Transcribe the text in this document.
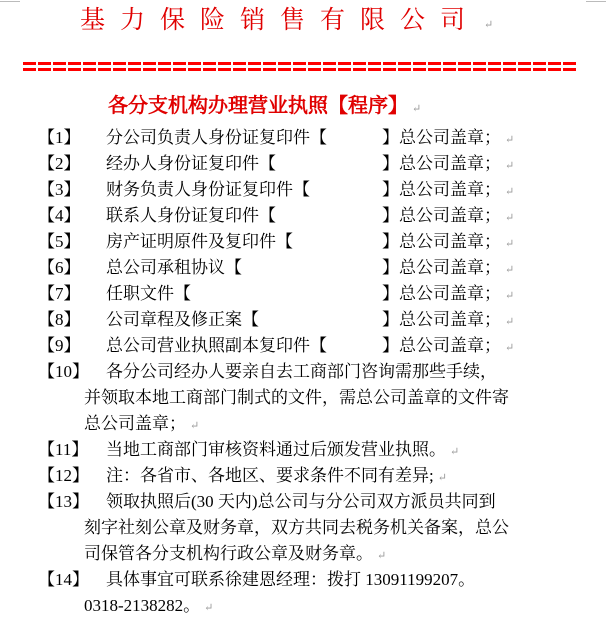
基力保险销售有限公司 ↵
各分支机构办理营业执照【程序】 ↵
【1】 分公司负责人身份证复印件【	】总公司盖章； ↵
【2】 经办人身份证复印件【	】总公司盖章； ↵
【3】 财务负责人身份证复印件【	】总公司盖章； ↵
【4】 联系人身份证复印件【	】总公司盖章； ↵
【5】 房产证明原件及复印件【	】总公司盖章； ↵
【6】 总公司承租协议【	】总公司盖章； ↵
【7】 任职文件【	】总公司盖章； ↵
【8】 公司章程及修正案【	】总公司盖章； ↵
【9】 总公司营业执照副本复印件【	】总公司盖章； ↵
【10】 各分公司经办人要亲自去工商部门咨询需那些手续，
并领取本地工商部门制式的文件，需总公司盖章的文件寄
总公司盖章； ↵
【11】 当地工商部门审核资料通过后颁发营业执照。 ↵
【12】 注：各省市、各地区、要求条件不同有差异; ↵
【13】 领取执照后(30 天内)总公司与分公司双方派员共同到
刻字社刻公章及财务章，双方共同去税务机关备案，总公
司保管各分支机构行政公章及财务章。 ↵
【14】 具体事宜可联系徐建恩经理：拨打 13091199207。
0318-2138282。 ↵
